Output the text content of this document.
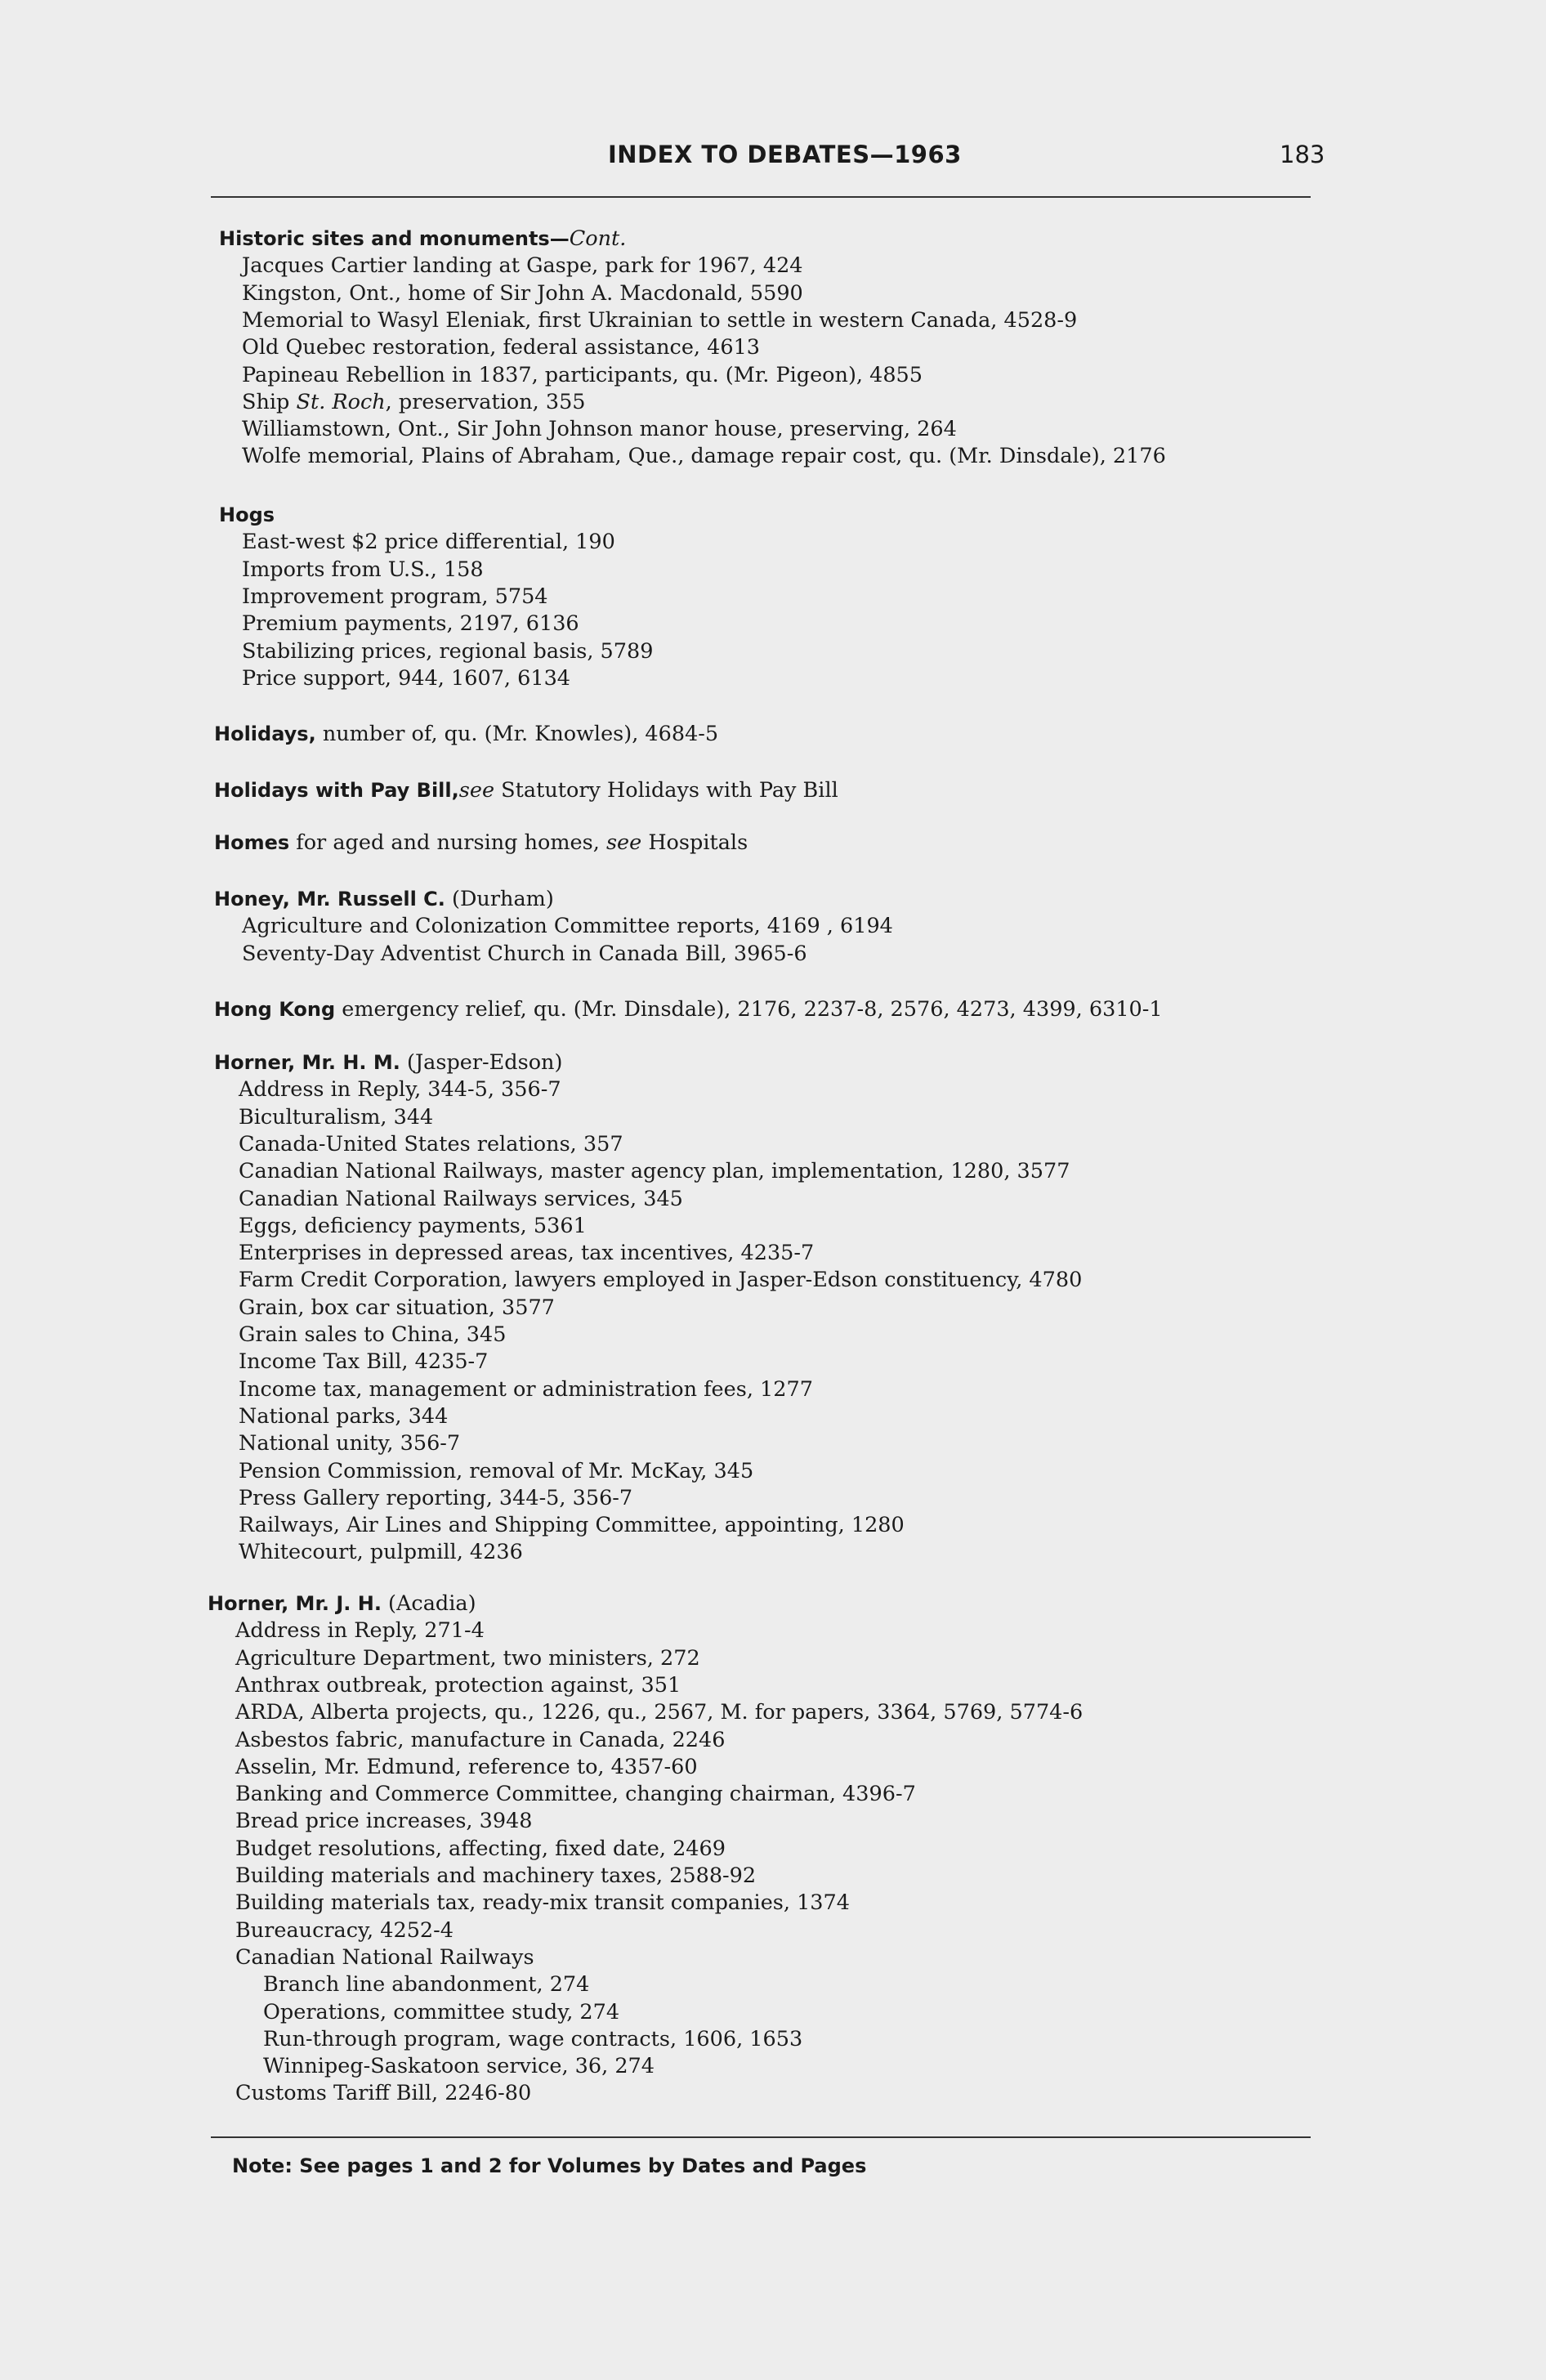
INDEX TO DEBATES—1963	183
Historic sites and monuments—Cont.
Jacques Cartier landing at Gaspe, park for 1967, 424
Kingston, Ont., home of Sir John A. Macdonald, 5590
Memorial to Wasyl Eleniak, first Ukrainian to settle in western Canada, 4528-9
Old Quebec restoration, federal assistance, 4613
Papineau Rebellion in 1837, participants, qu. (Mr. Pigeon), 4855
Ship St. Roch, preservation, 355
Williamstown, Ont., Sir John Johnson manor house, preserving, 264
Wolfe memorial, Plains of Abraham, Que., damage repair cost, qu. (Mr. Dinsdale), 2176
Hogs
East-west $2 price differential, 190
Imports from U.S., 158
Improvement program, 5754
Premium payments, 2197, 6136
Stabilizing prices, regional basis, 5789
Price support, 944, 1607, 6134
Holidays, number of, qu. (Mr. Knowles), 4684-5
Holidays with Pay Bill,see Statutory Holidays with Pay Bill
Homes for aged and nursing homes, see Hospitals
Honey, Mr. Russell C. (Durham)
Agriculture and Colonization Committee reports, 4169 , 6194
Seventy-Day Adventist Church in Canada Bill, 3965-6
Hong Kong emergency relief, qu. (Mr. Dinsdale), 2176, 2237-8, 2576, 4273, 4399, 6310-1
Horner, Mr. H. M. (Jasper-Edson)
Address in Reply, 344-5, 356-7
Biculturalism, 344
Canada-United States relations, 357
Canadian National Railways, master agency plan, implementation, 1280, 3577
Canadian National Railways services, 345
Eggs, deficiency payments, 5361
Enterprises in depressed areas, tax incentives, 4235-7
Farm Credit Corporation, lawyers employed in Jasper-Edson constituency, 4780
Grain, box car situation, 3577
Grain sales to China, 345
Income Tax Bill, 4235-7
Income tax, management or administration fees, 1277
National parks, 344
National unity, 356-7
Pension Commission, removal of Mr. McKay, 345
Press Gallery reporting, 344-5, 356-7
Railways, Air Lines and Shipping Committee, appointing, 1280
Whitecourt, pulpmill, 4236
Horner, Mr. J. H. (Acadia)
Address in Reply, 271-4
Agriculture Department, two ministers, 272
Anthrax outbreak, protection against, 351
ARDA, Alberta projects, qu., 1226, qu., 2567, M. for papers, 3364, 5769, 5774-6
Asbestos fabric, manufacture in Canada, 2246
Asselin, Mr. Edmund, reference to, 4357-60
Banking and Commerce Committee, changing chairman, 4396-7
Bread price increases, 3948
Budget resolutions, affecting, fixed date, 2469
Building materials and machinery taxes, 2588-92
Building materials tax, ready-mix transit companies, 1374
Bureaucracy, 4252-4
Canadian National Railways
Branch line abandonment, 274
Operations, committee study, 274
Run-through program, wage contracts, 1606, 1653
Winnipeg-Saskatoon service, 36, 274
Customs Tariff Bill, 2246-80
Note: See pages 1 and 2 for Volumes by Dates and Pages
